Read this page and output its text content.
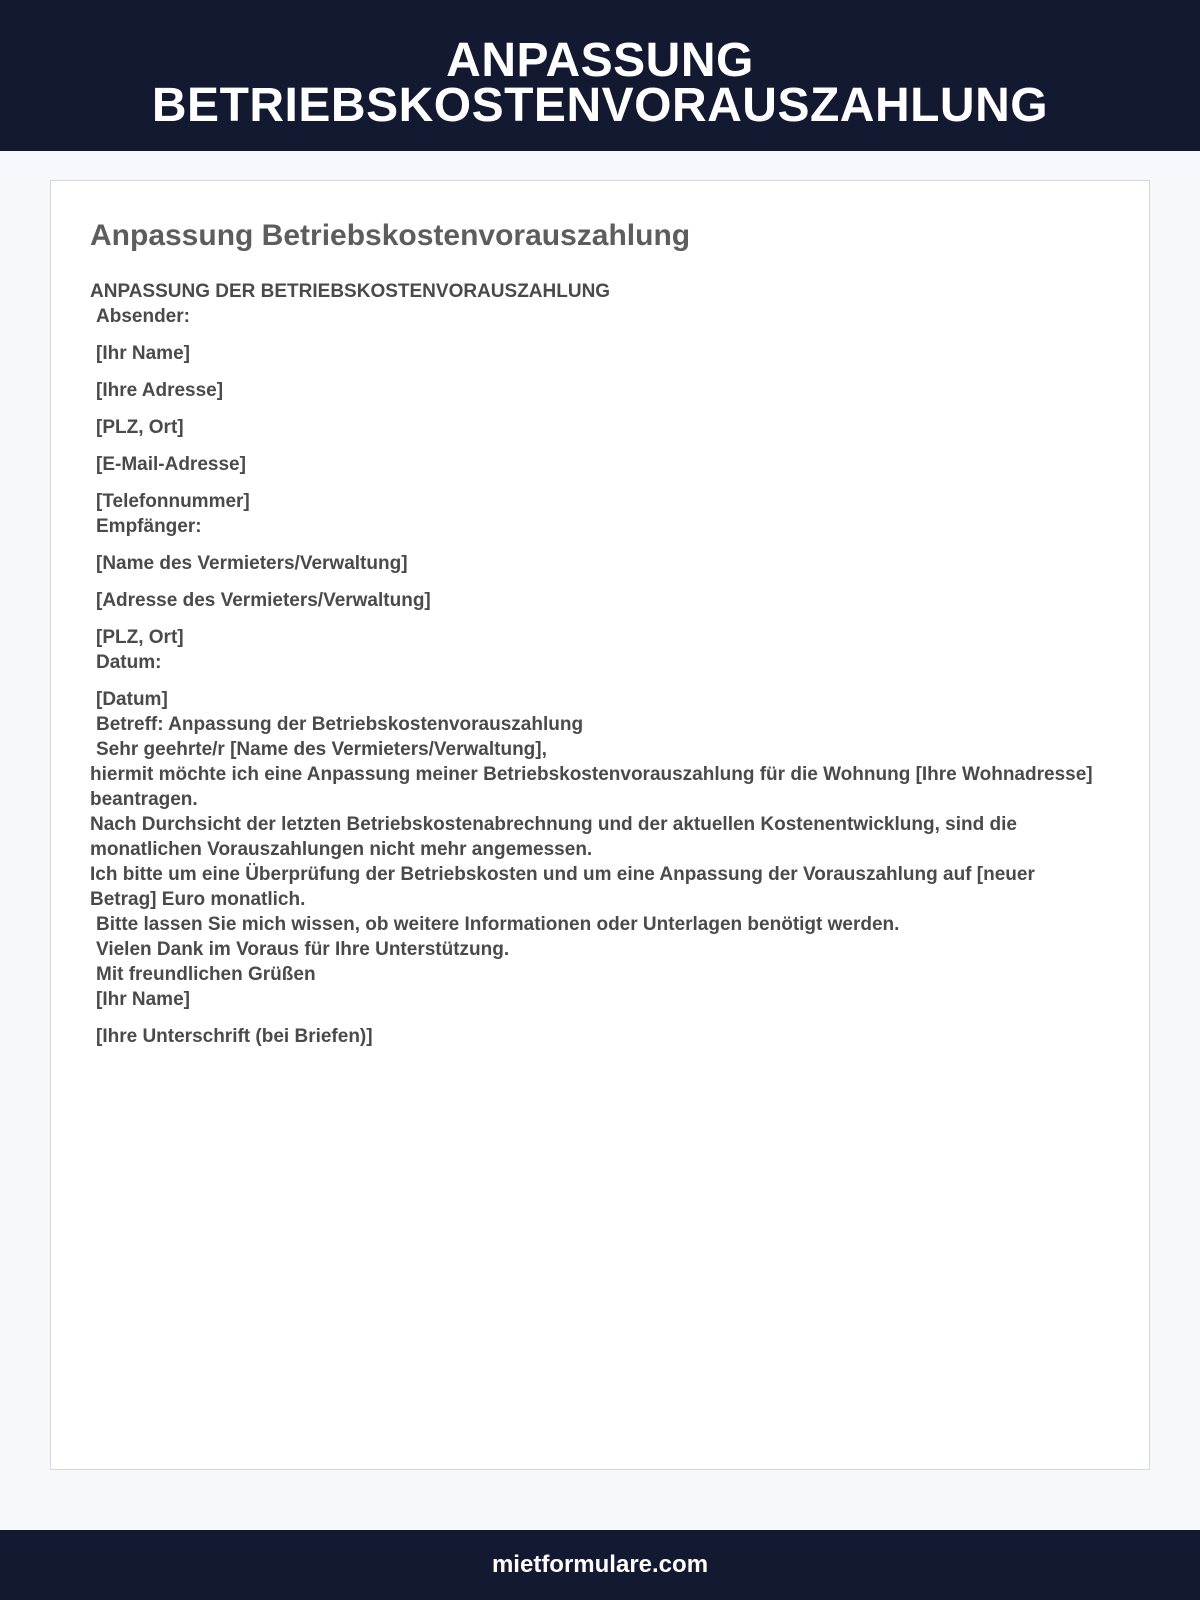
ANPASSUNG
BETRIEBSKOSTENVORAUSZAHLUNG
Anpassung Betriebskostenvorauszahlung
ANPASSUNG DER BETRIEBSKOSTENVORAUSZAHLUNG
Absender:
[Ihr Name]
[Ihre Adresse]
[PLZ, Ort]
[E-Mail-Adresse]
[Telefonnummer]
Empfänger:
[Name des Vermieters/Verwaltung]
[Adresse des Vermieters/Verwaltung]
[PLZ, Ort]
Datum:
[Datum]
Betreff: Anpassung der Betriebskostenvorauszahlung
Sehr geehrte/r [Name des Vermieters/Verwaltung],
hiermit möchte ich eine Anpassung meiner Betriebskostenvorauszahlung für die Wohnung [Ihre Wohnadresse] beantragen.
Nach Durchsicht der letzten Betriebskostenabrechnung und der aktuellen Kostenentwicklung, sind die monatlichen Vorauszahlungen nicht mehr angemessen.
Ich bitte um eine Überprüfung der Betriebskosten und um eine Anpassung der Vorauszahlung auf [neuer Betrag] Euro monatlich.
Bitte lassen Sie mich wissen, ob weitere Informationen oder Unterlagen benötigt werden.
Vielen Dank im Voraus für Ihre Unterstützung.
Mit freundlichen Grüßen
[Ihr Name]
[Ihre Unterschrift (bei Briefen)]
mietformulare.com
